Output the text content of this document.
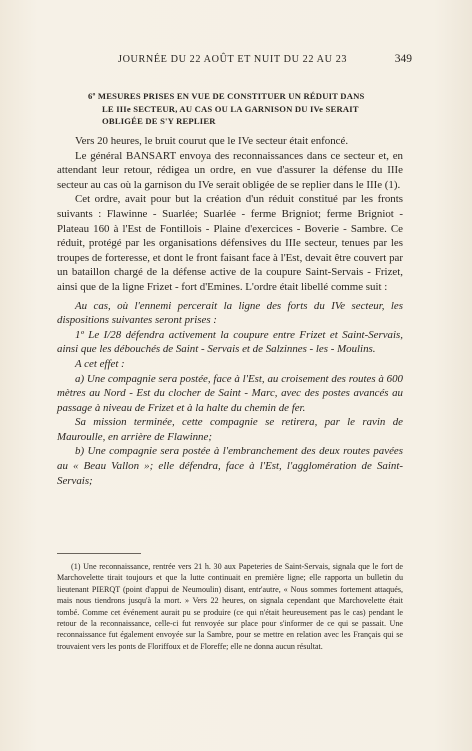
JOURNÉE DU 22 AOÛT ET NUIT DU 22 AU 23	349
6º MESURES PRISES EN VUE DE CONSTITUER UN RÉDUIT DANS
LE IIIe SECTEUR, AU CAS OU LA GARNISON DU IVe SERAIT
OBLIGÉE DE S'Y REPLIER

Vers 20 heures, le bruit courut que le IVe secteur était enfoncé.

Le général BANSART envoya des reconnaissances dans ce secteur et, en attendant leur retour, rédigea un ordre, en vue d'assurer la défense du IIIe secteur au cas où la garnison du IVe serait obligée de se replier dans le IIIe (1).

Cet ordre, avait pour but la création d'un réduit constitué par les fronts suivants : Flawinne - Suarlée; Suarlée - ferme Brigniot; ferme Brigniot - Plateau 160 à l'Est de Fontillois - Plaine d'exercices - Boverie - Sambre. Ce réduit, protégé par les organisations défensives du IIIe secteur, tenues par les troupes de forteresse, et dont le front faisant face à l'Est, devait être couvert par un bataillon chargé de la défense active de la coupure Saint-Servais - Frizet, ainsi que de la ligne Frizet - fort d'Emines. L'ordre était libellé comme suit :

Au cas, où l'ennemi percerait la ligne des forts du IVe secteur, les dispositions suivantes seront prises :

1º Le I/28 défendra activement la coupure entre Frizet et Saint-Servais, ainsi que les débouchés de Saint - Servais et de Salzinnes - les - Moulins.

A cet effet :

a) Une compagnie sera postée, face à l'Est, au croisement des routes à 600 mètres au Nord - Est du clocher de Saint - Marc, avec des postes avancés au passage à niveau de Frizet et à la halte du chemin de fer.

Sa mission terminée, cette compagnie se retirera, par le ravin de Mauroulle, en arrière de Flawinne;

b) Une compagnie sera postée à l'embranchement des deux routes pavées au « Beau Vallon »; elle défendra, face à l'Est, l'agglomération de Saint-Servais;

(1) Une reconnaissance, rentrée vers 21 h. 30 aux Papeteries de Saint-Servais, signala que le fort de Marchovelette tirait toujours et que la lutte continuait en première ligne; elle rapporta un bulletin du lieutenant PIERQT (point d'appui de Neumoulin) disant, entr'autre, « Nous sommes fortement attaqués, mais nous tiendrons jusqu'à la mort. » Vers 22 heures, on signala cependant que Marchovelette était tombé. Comme cet événement aurait pu se produire (ce qui n'était heureusement pas le cas) pendant le retour de la reconnaissance, celle-ci fut renvoyée sur place pour s'informer de ce qui se passait. Une reconnaissance fut également envoyée sur la Sambre, pour se mettre en relation avec les Français qui se trouvaient vers les ponts de Floriffoux et de Floreffe; elle ne donna aucun résultat.
